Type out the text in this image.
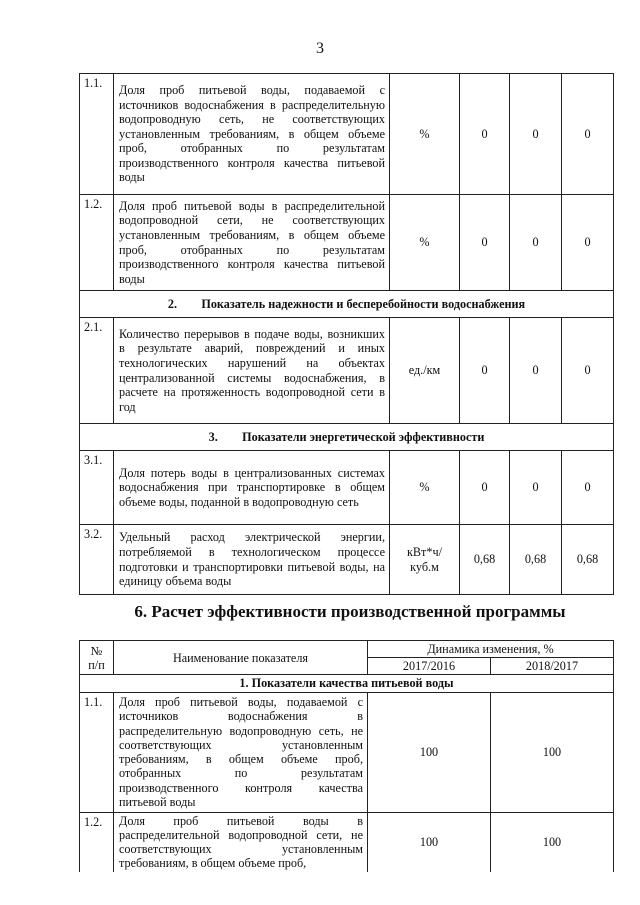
3
1.1.	Доля проб питьевой воды, подаваемой с источников водоснабжения в распределительную водопроводную сеть, не соответствующих установленным требованиям, в общем объеме проб, отобранных по результатам производственного контроля качества питьевой воды	%	0	0	0
1.2.	Доля проб питьевой воды в распределительной водопроводной сети, не соответствующих установленным требованиям, в общем объеме проб, отобранных по результатам производственного контроля качества питьевой воды	%	0	0	0
2. Показатель надежности и бесперебойности водоснабжения					
2.1.	Количество перерывов в подаче воды, возникших в результате аварий, повреждений и иных технологических нарушений на объектах централизованной системы водоснабжения, в расчете на протяженность водопроводной сети в год	ед./км	0	0	0
3. Показатели энергетической эффективности					
3.1.	Доля потерь воды в централизованных системах водоснабжения при транспортировке в общем объеме воды, поданной в водопроводную сеть	%	0	0	0
3.2.	Удельный расход электрической энергии, потребляемой в технологическом процессе подготовки и транспортировки питьевой воды, на единицу объема воды	кВт*ч/
куб.м	0,68	0,68	0,68
6. Расчет эффективности производственной программы
№
п/п	Наименование показателя	Динамика изменения, %	
		2017/2016	2018/2017
1. Показатели качества питьевой воды			
1.1.	Доля проб питьевой воды, подаваемой с источников водоснабжения в распределительную водопроводную сеть, не соответствующих установленным требованиям, в общем объеме проб, отобранных по результатам производственного контроля качества питьевой воды	100	100
1.2.	Доля проб питьевой воды в распределительной водопроводной сети, не соответствующих установленным требованиям, в общем объеме проб,	100	100
